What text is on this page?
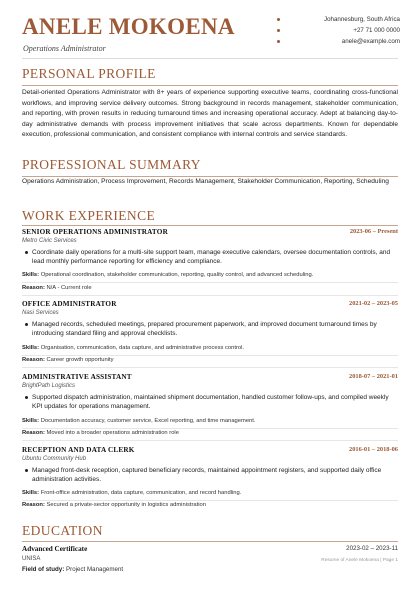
ANELE MOKOENA
Operations Administrator
Johannesburg, South Africa
+27 71 000 0000
anele@example.com
PERSONAL PROFILE
Detail-oriented Operations Administrator with 8+ years of experience supporting executive teams, coordinating cross-functional workflows, and improving service delivery outcomes. Strong background in records management, stakeholder communication, and reporting, with proven results in reducing turnaround times and increasing operational accuracy. Adept at balancing day-to-day administrative demands with process improvement initiatives that scale across departments. Known for dependable execution, professional communication, and consistent compliance with internal controls and service standards.
PROFESSIONAL SUMMARY
Operations Administration, Process Improvement, Records Management, Stakeholder Communication, Reporting, Scheduling
WORK EXPERIENCE
SENIOR OPERATIONS ADMINISTRATOR	2023-06 – Present
Metro Civic Services
Coordinate daily operations for a multi-site support team, manage executive calendars, oversee documentation controls, and lead monthly performance reporting for efficiency and compliance.
Skills: Operational coordination, stakeholder communication, reporting, quality control, and advanced scheduling.
Reason: N/A - Current role
OFFICE ADMINISTRATOR	2021-02 – 2023-05
Nasi Services
Managed records, scheduled meetings, prepared procurement paperwork, and improved document turnaround times by introducing standard filing and approval checklists.
Skills: Organisation, communication, data capture, and administrative process control.
Reason: Career growth opportunity
ADMINISTRATIVE ASSISTANT	2018-07 – 2021-01
BrightPath Logistics
Supported dispatch administration, maintained shipment documentation, handled customer follow-ups, and compiled weekly KPI updates for operations management.
Skills: Documentation accuracy, customer service, Excel reporting, and time management.
Reason: Moved into a broader operations administration role
RECEPTION AND DATA CLERK	2016-01 – 2018-06
Ubuntu Community Hub
Managed front-desk reception, captured beneficiary records, maintained appointment registers, and supported daily office administration activities.
Skills: Front-office administration, data capture, communication, and record handling.
Reason: Secured a private-sector opportunity in logistics administration
EDUCATION
Advanced Certificate	2023-02 – 2023-11
UNISA	Resume of Anele Mokoena | Page 1
Field of study: Project Management
